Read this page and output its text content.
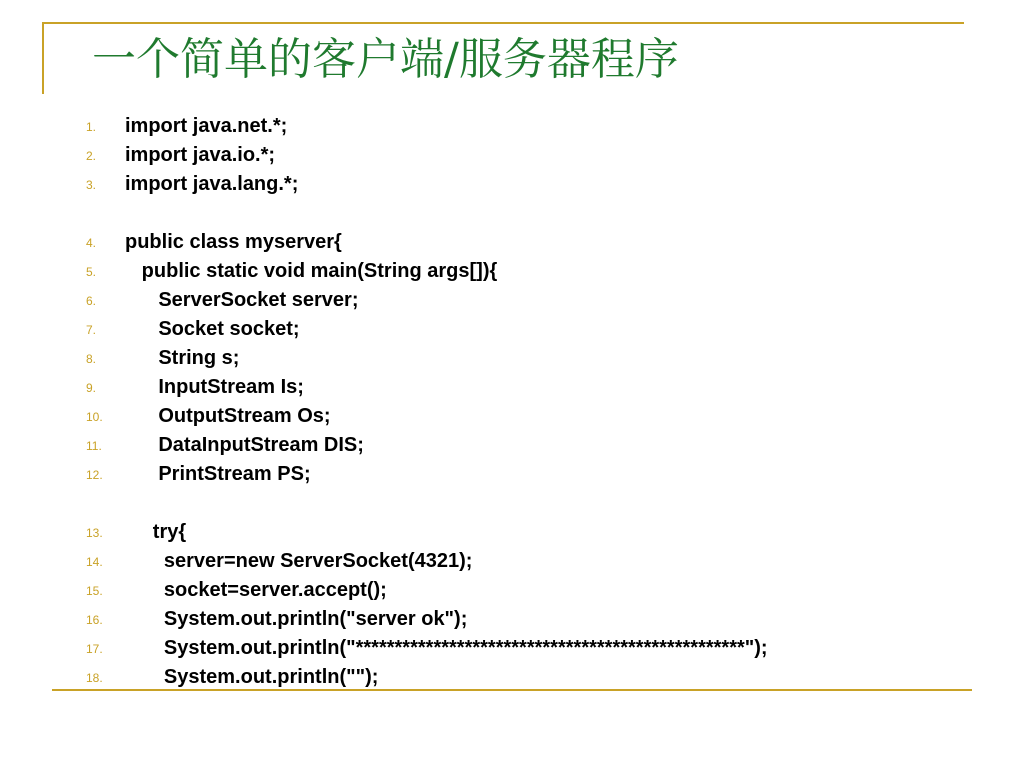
一个简单的客户端/服务器程序

1.

import java.net.*;

2.

import java.io.*;

3.

import java.lang.*;

4.

public class myserver{

5.

public static void main(String args[]){

6.

ServerSocket server;

7.

Socket socket;

8.

String s;

9.

InputStream Is;

10.

OutputStream Os;

11.

DataInputStream DIS;

12.

PrintStream PS;

13.

try{

14.

server=new ServerSocket(4321);

15.

socket=server.accept();

16.

System.out.println("server ok");

17.

System.out.println("**************************************************");

18.

System.out.println("");
